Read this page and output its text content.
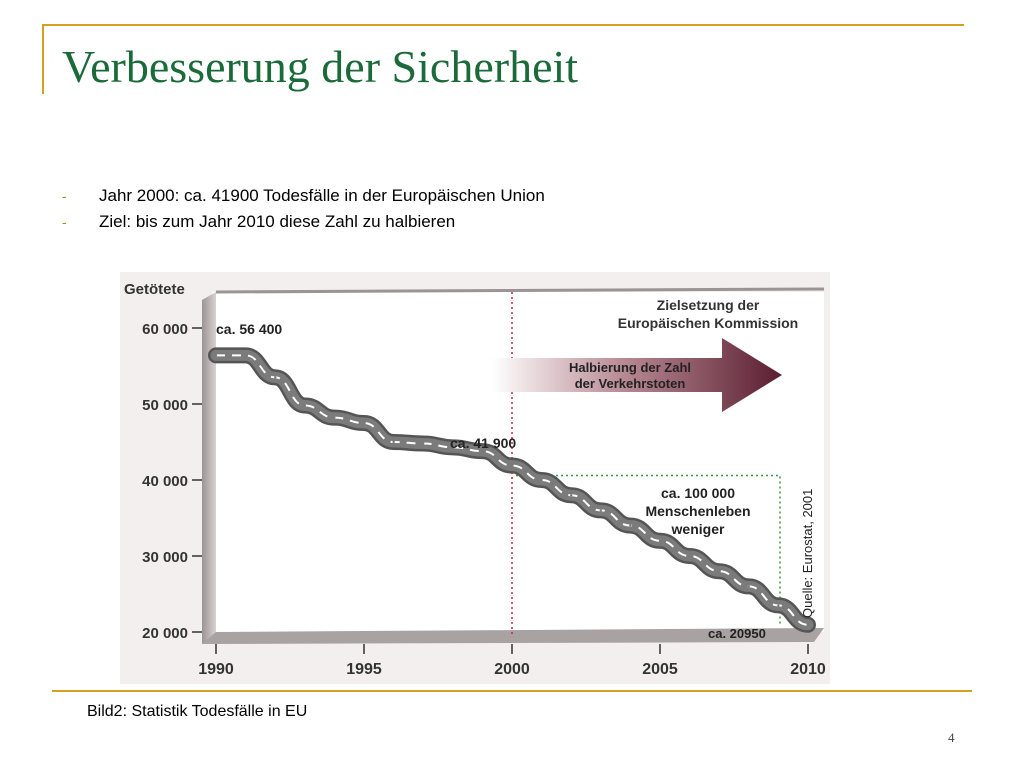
Verbesserung der Sicherheit
- Jahr 2000: ca. 41900 Todesfälle in der Europäischen Union
- Ziel: bis zum Jahr 2010 diese Zahl zu halbieren
60 000
50 000
40 000
30 000
20 000
1990	1995	2000	2005	2010
Getötete
ca. 56 400
ca. 41 900
ca. 20950
Zielsetzung der
Europäischen Kommission
Halbierung der Zahl
der Verkehrstoten
ca. 100 000
Menschenleben
weniger	Quelle: Eurostat, 2001
Bild2: Statistik Todesfälle in EU
4
